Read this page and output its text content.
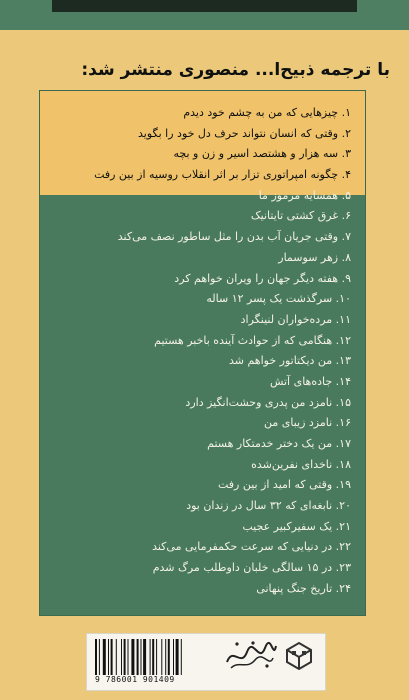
با ترجمه ذبیح‌ا... منصوری منتشر شد:
۱. چیزهایی که من به چشم خود دیدم
۲. وقتی که انسان نتواند حرف دل خود را بگوید
۳. سه هزار و هشتصد اسیر و زن و بچه
۴. چگونه امپراتوری تزار بر اثر انقلاب روسیه از بین رفت
۵. همسایه مرموز ما
۶. غرق کشتی تایتانیک
۷. وقتی جریان آب بدن را مثل ساطور نصف می‌کند
۸. زهر سوسمار
۹. هفته دیگر جهان را ویران خواهم کرد
۱۰. سرگذشت یک پسر ۱۲ ساله
۱۱. مرده‌خواران لنینگراد
۱۲. هنگامی که از حوادث آینده باخبر هستیم
۱۳. من دیکتاتور خواهم شد
۱۴. جاده‌های آتش
۱۵. نامزد من پدری وحشت‌انگیز دارد
۱۶. نامزد زیبای من
۱۷. من یک دختر خدمتکار هستم
۱۸. ناخدای نفرین‌شده
۱۹. وقتی که امید از بین رفت
۲۰. نابغه‌ای که ۳۲ سال در زندان بود
۲۱. یک سفیرکبیر عجیب
۲۲. در دنیایی که سرعت حکمفرمایی می‌کند
۲۳. در ۱۵ سالگی خلبان داوطلب مرگ شدم
۲۴. تاریخ جنگ پنهانی
9 786001 901409
